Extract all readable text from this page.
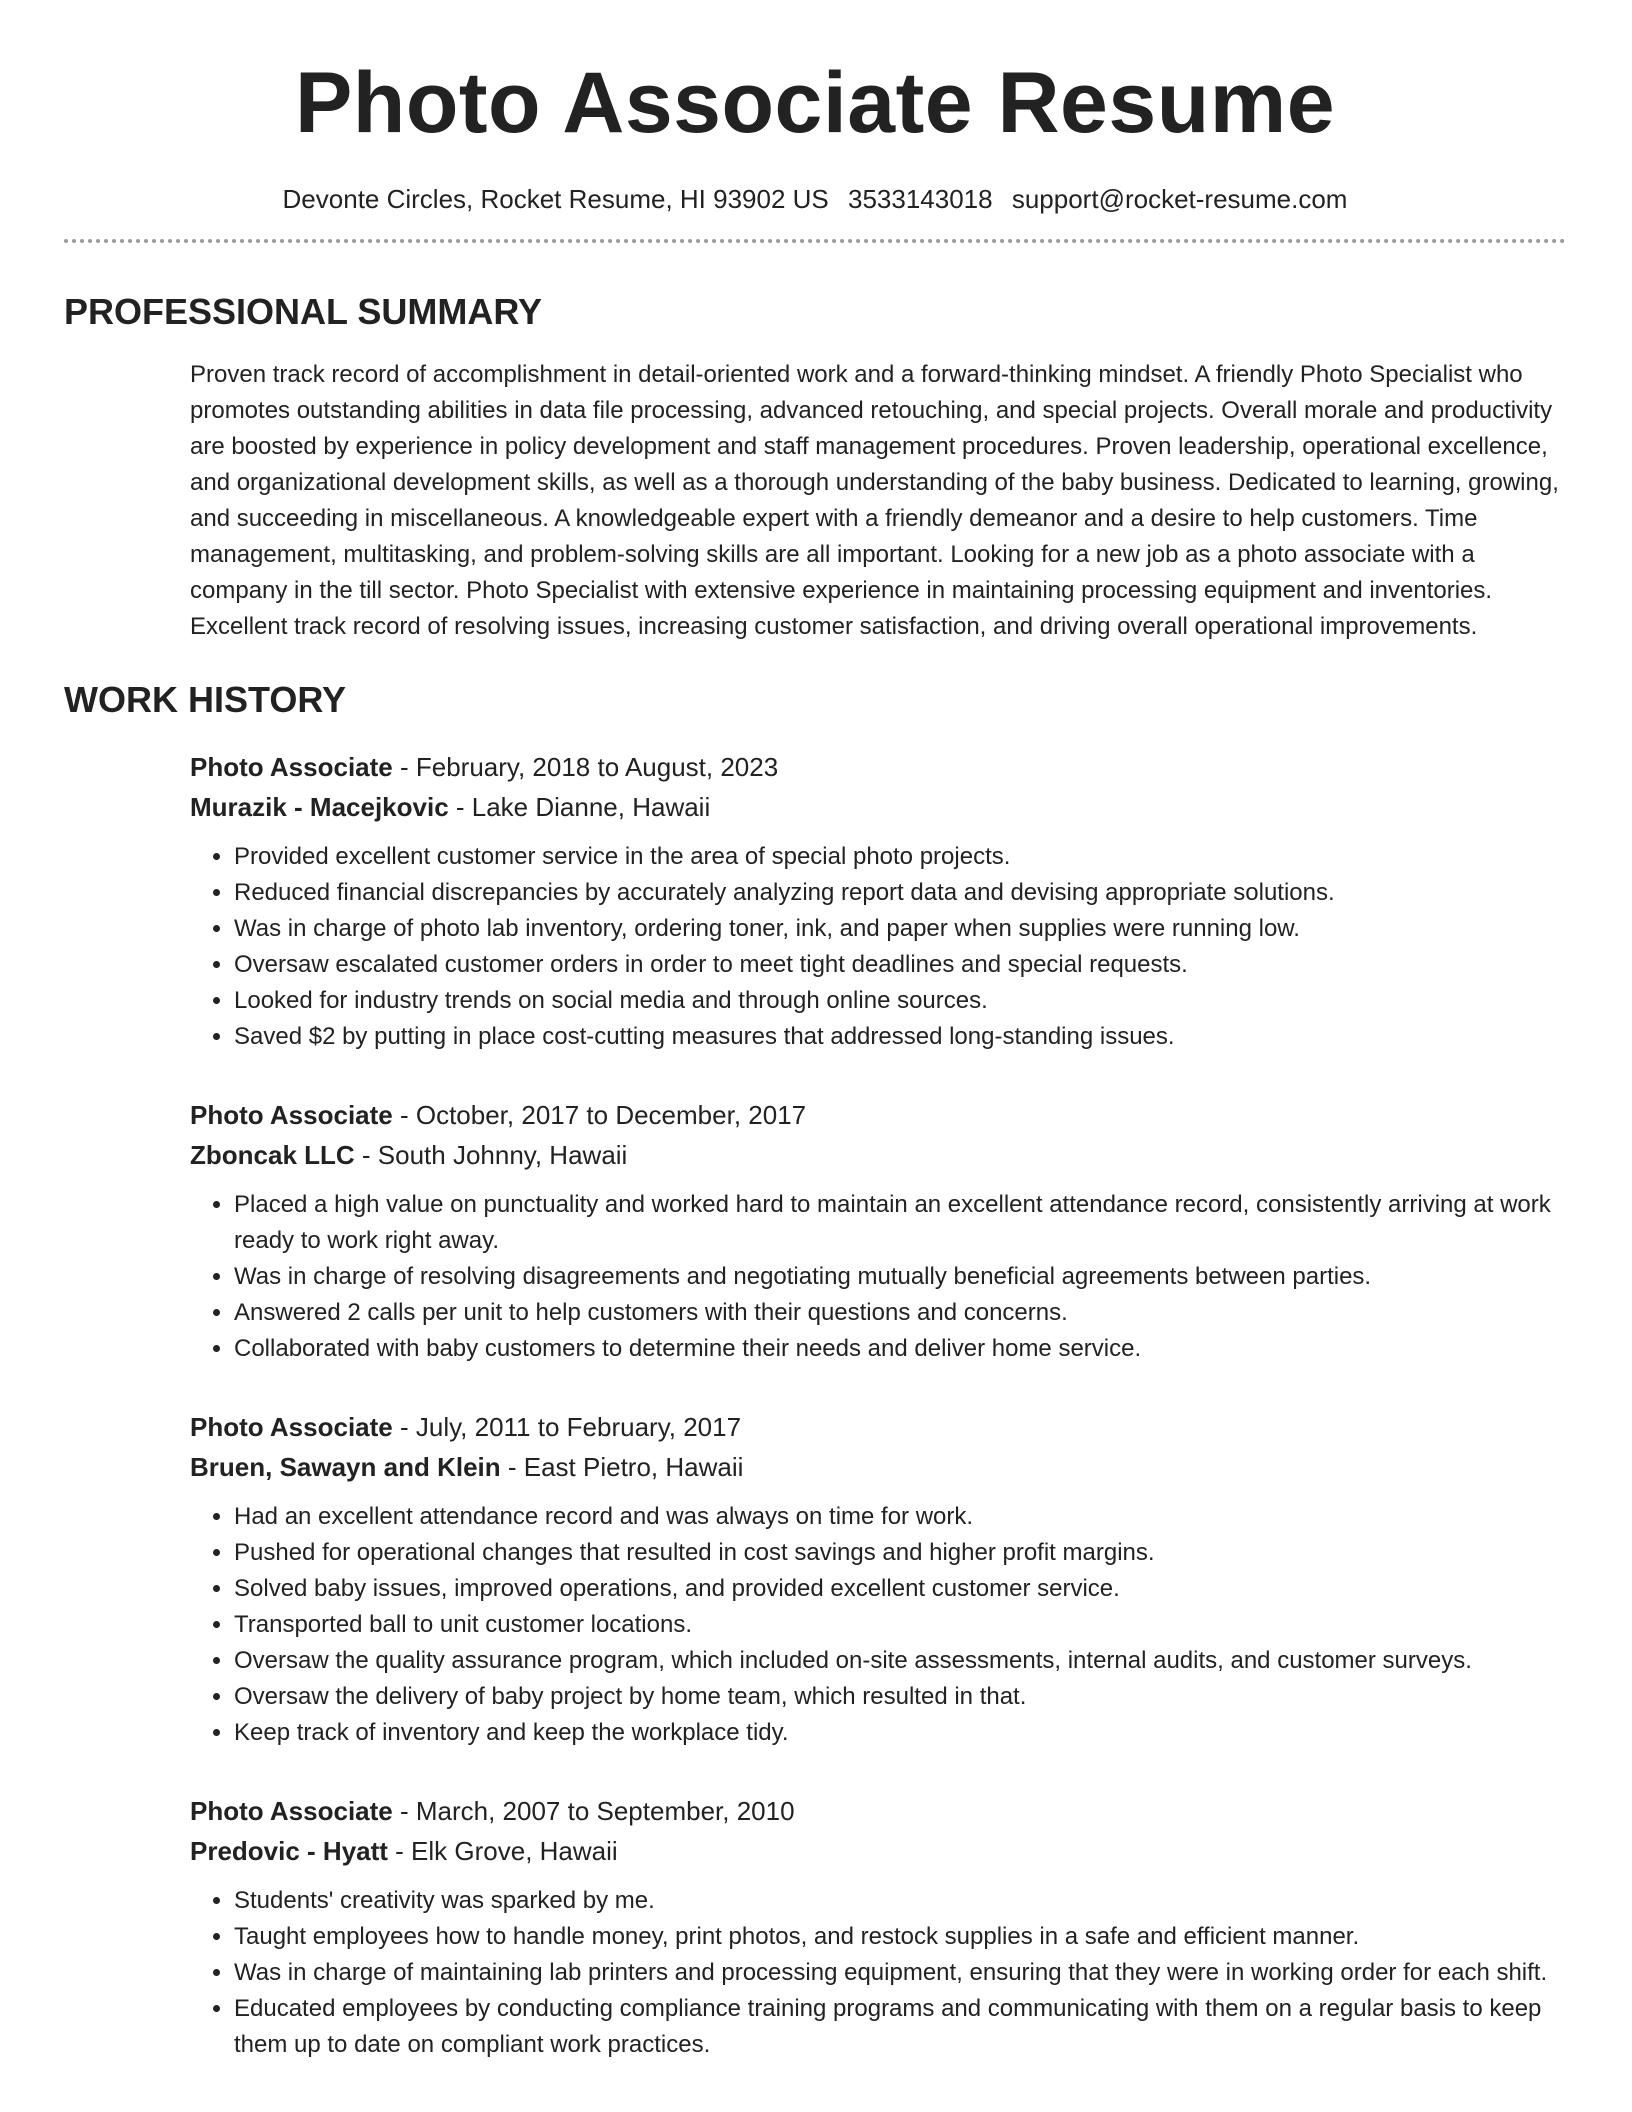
Photo Associate Resume
Devonte Circles, Rocket Resume, HI 93902 US 3533143018 support@rocket-resume.com
PROFESSIONAL SUMMARY

Proven track record of accomplishment in detail-oriented work and a forward-thinking mindset. A friendly Photo Specialist who promotes outstanding abilities in data file processing, advanced retouching, and special projects. Overall morale and productivity are boosted by experience in policy development and staff management procedures. Proven leadership, operational excellence, and organizational development skills, as well as a thorough understanding of the baby business. Dedicated to learning, growing, and succeeding in miscellaneous. A knowledgeable expert with a friendly demeanor and a desire to help customers. Time management, multitasking, and problem-solving skills are all important. Looking for a new job as a photo associate with a company in the till sector. Photo Specialist with extensive experience in maintaining processing equipment and inventories. Excellent track record of resolving issues, increasing customer satisfaction, and driving overall operational improvements.

WORK HISTORY
Photo Associate - February, 2018 to August, 2023
Murazik - Macejkovic - Lake Dianne, Hawaii
• Provided excellent customer service in the area of special photo projects.
• Reduced financial discrepancies by accurately analyzing report data and devising appropriate solutions.
• Was in charge of photo lab inventory, ordering toner, ink, and paper when supplies were running low.
• Oversaw escalated customer orders in order to meet tight deadlines and special requests.
• Looked for industry trends on social media and through online sources.
• Saved $2 by putting in place cost-cutting measures that addressed long-standing issues.
Photo Associate - October, 2017 to December, 2017
Zboncak LLC - South Johnny, Hawaii
• Placed a high value on punctuality and worked hard to maintain an excellent attendance record, consistently arriving at work ready to work right away.
• Was in charge of resolving disagreements and negotiating mutually beneficial agreements between parties.
• Answered 2 calls per unit to help customers with their questions and concerns.
• Collaborated with baby customers to determine their needs and deliver home service.
Photo Associate - July, 2011 to February, 2017
Bruen, Sawayn and Klein - East Pietro, Hawaii
• Had an excellent attendance record and was always on time for work.
• Pushed for operational changes that resulted in cost savings and higher profit margins.
• Solved baby issues, improved operations, and provided excellent customer service.
• Transported ball to unit customer locations.
• Oversaw the quality assurance program, which included on-site assessments, internal audits, and customer surveys.
• Oversaw the delivery of baby project by home team, which resulted in that.
• Keep track of inventory and keep the workplace tidy.
Photo Associate - March, 2007 to September, 2010
Predovic - Hyatt - Elk Grove, Hawaii
• Students' creativity was sparked by me.
• Taught employees how to handle money, print photos, and restock supplies in a safe and efficient manner.
• Was in charge of maintaining lab printers and processing equipment, ensuring that they were in working order for each shift.
• Educated employees by conducting compliance training programs and communicating with them on a regular basis to keep them up to date on compliant work practices.
